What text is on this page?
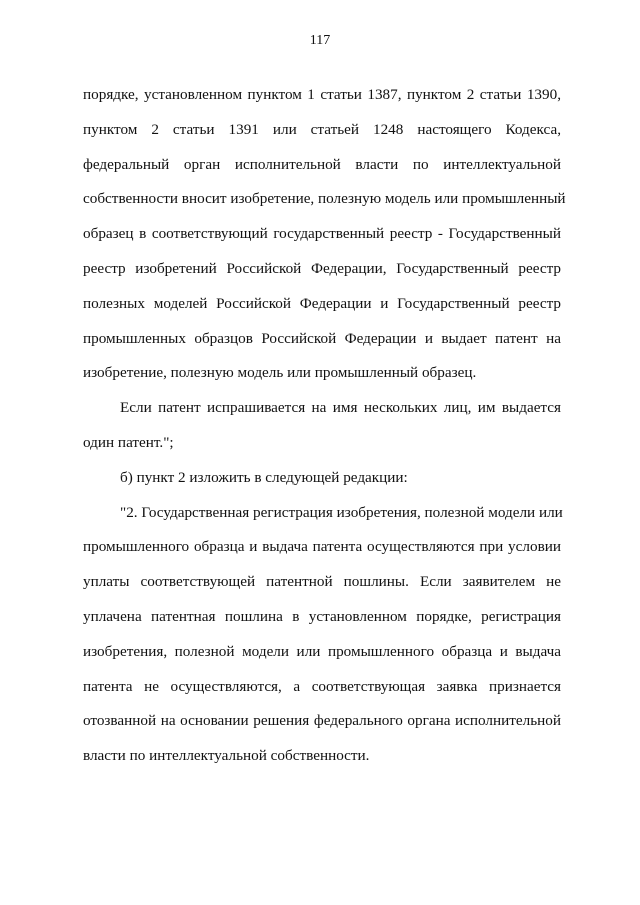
117
порядке, установленном пунктом 1 статьи 1387, пунктом 2 статьи 1390,
пунктом 2 статьи 1391 или статьей 1248 настоящего Кодекса,
федеральный орган исполнительной власти по интеллектуальной
собственности вносит изобретение, полезную модель или промышленный
образец в соответствующий государственный реестр - Государственный
реестр изобретений Российской Федерации, Государственный реестр
полезных моделей Российской Федерации и Государственный реестр
промышленных образцов Российской Федерации и выдает патент на
изобретение, полезную модель или промышленный образец.
Если патент испрашивается на имя нескольких лиц, им выдается
один патент.";
б) пункт 2 изложить в следующей редакции:
"2. Государственная регистрация изобретения, полезной модели или
промышленного образца и выдача патента осуществляются при условии
уплаты соответствующей патентной пошлины. Если заявителем не
уплачена патентная пошлина в установленном порядке, регистрация
изобретения, полезной модели или промышленного образца и выдача
патента не осуществляются, а соответствующая заявка признается
отозванной на основании решения федерального органа исполнительной
власти по интеллектуальной собственности.
